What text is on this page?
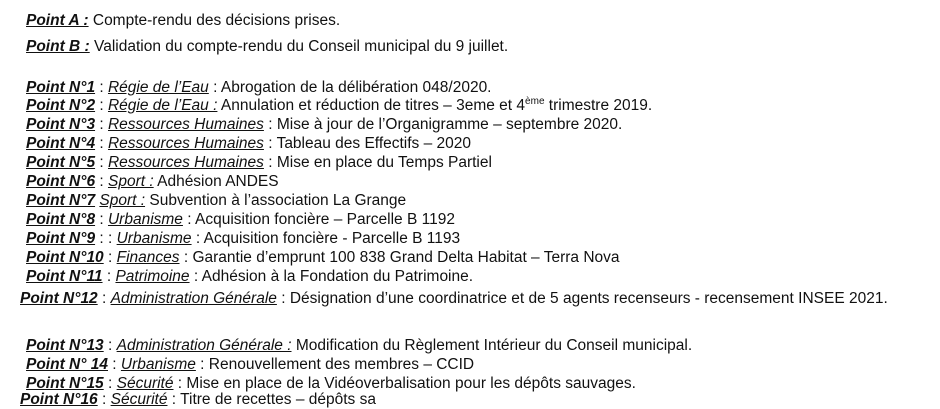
Point A : Compte-rendu des décisions prises.
Point B : Validation du compte-rendu du Conseil municipal du 9 juillet.
Point N°1 : Régie de l’Eau : Abrogation de la délibération 048/2020.
Point N°2 : Régie de l’Eau : Annulation et réduction de titres – 3eme et 4ème trimestre 2019.
Point N°3 : Ressources Humaines : Mise à jour de l’Organigramme – septembre 2020.
Point N°4 : Ressources Humaines : Tableau des Effectifs – 2020
Point N°5 : Ressources Humaines : Mise en place du Temps Partiel
Point N°6 : Sport : Adhésion ANDES
Point N°7 Sport : Subvention à l’association La Grange
Point N°8 : Urbanisme : Acquisition foncière – Parcelle B 1192
Point N°9 : : Urbanisme : Acquisition foncière - Parcelle B 1193
Point N°10 : Finances : Garantie d’emprunt 100 838 Grand Delta Habitat – Terra Nova
Point N°11 : Patrimoine : Adhésion à la Fondation du Patrimoine.
Point N°12 : Administration Générale : Désignation d’une coordinatrice et de 5 agents recenseurs - recensement INSEE 2021.
Point N°13 : Administration Générale : Modification du Règlement Intérieur du Conseil municipal.
Point N° 14 : Urbanisme : Renouvellement des membres – CCID
Point N°15 : Sécurité : Mise en place de la Vidéoverbalisation pour les dépôts sauvages.
Point N°16 : Sécurité : Titre de recettes – dépôts sa
